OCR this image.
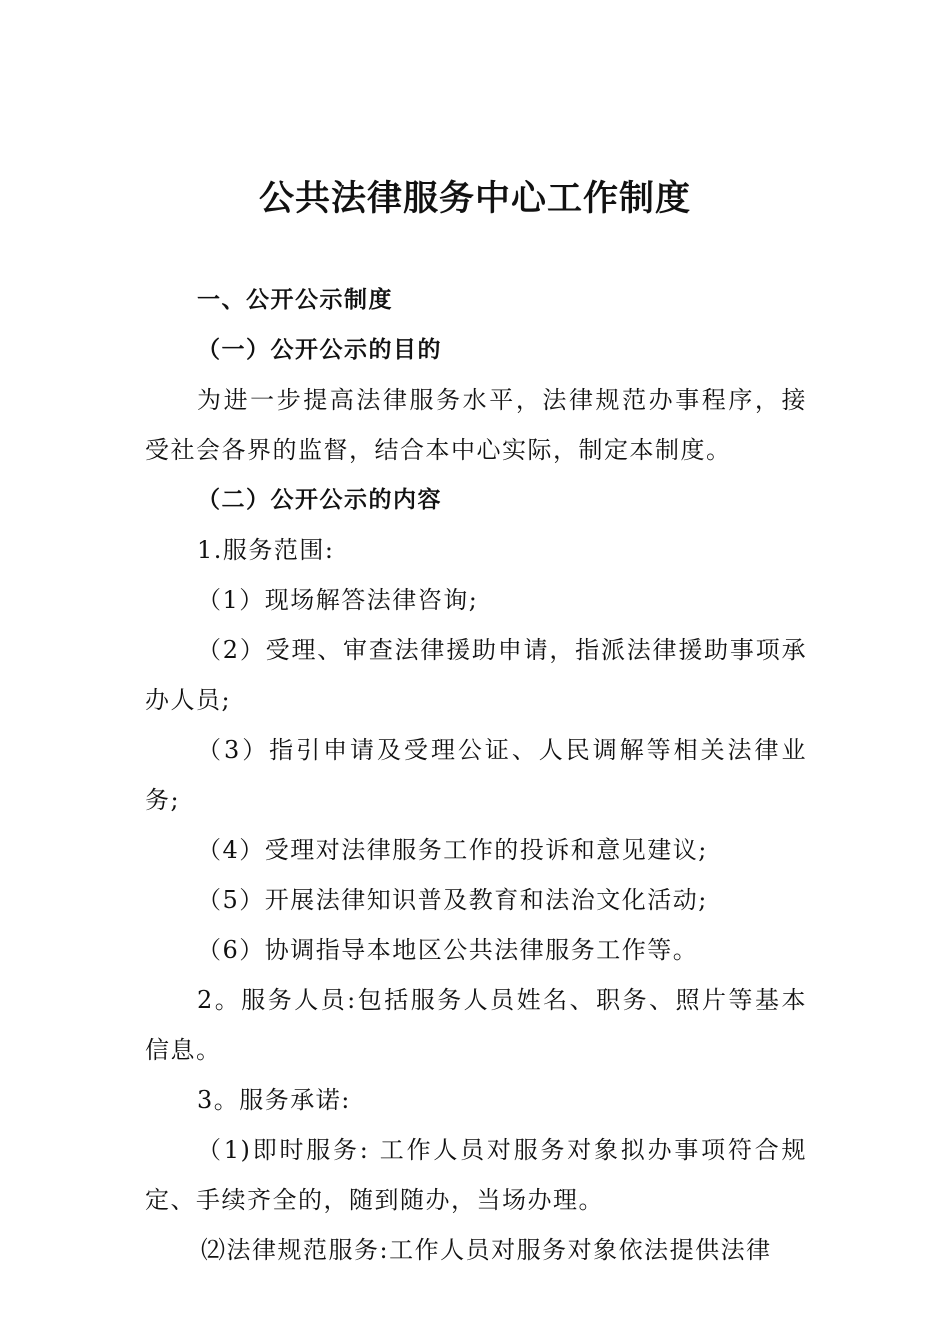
公共法律服务中心工作制度

一、公开公示制度

（一）公开公示的目的

为进一步提高法律服务水平，法律规范办事程序，接受社会各界的监督，结合本中心实际，制定本制度。

（二）公开公示的内容

1.服务范围:

（1）现场解答法律咨询;

（2）受理、审查法律援助申请，指派法律援助事项承办人员;

（3）指引申请及受理公证、人民调解等相关法律业务;

（4）受理对法律服务工作的投诉和意见建议;

（5）开展法律知识普及教育和法治文化活动;

（6）协调指导本地区公共法律服务工作等。

2。服务人员:包括服务人员姓名、职务、照片等基本信息。

3。服务承诺:

（1)即时服务: 工作人员对服务对象拟办事项符合规定、手续齐全的，随到随办，当场办理。

⑵法律规范服务:工作人员对服务对象依法提供法律
